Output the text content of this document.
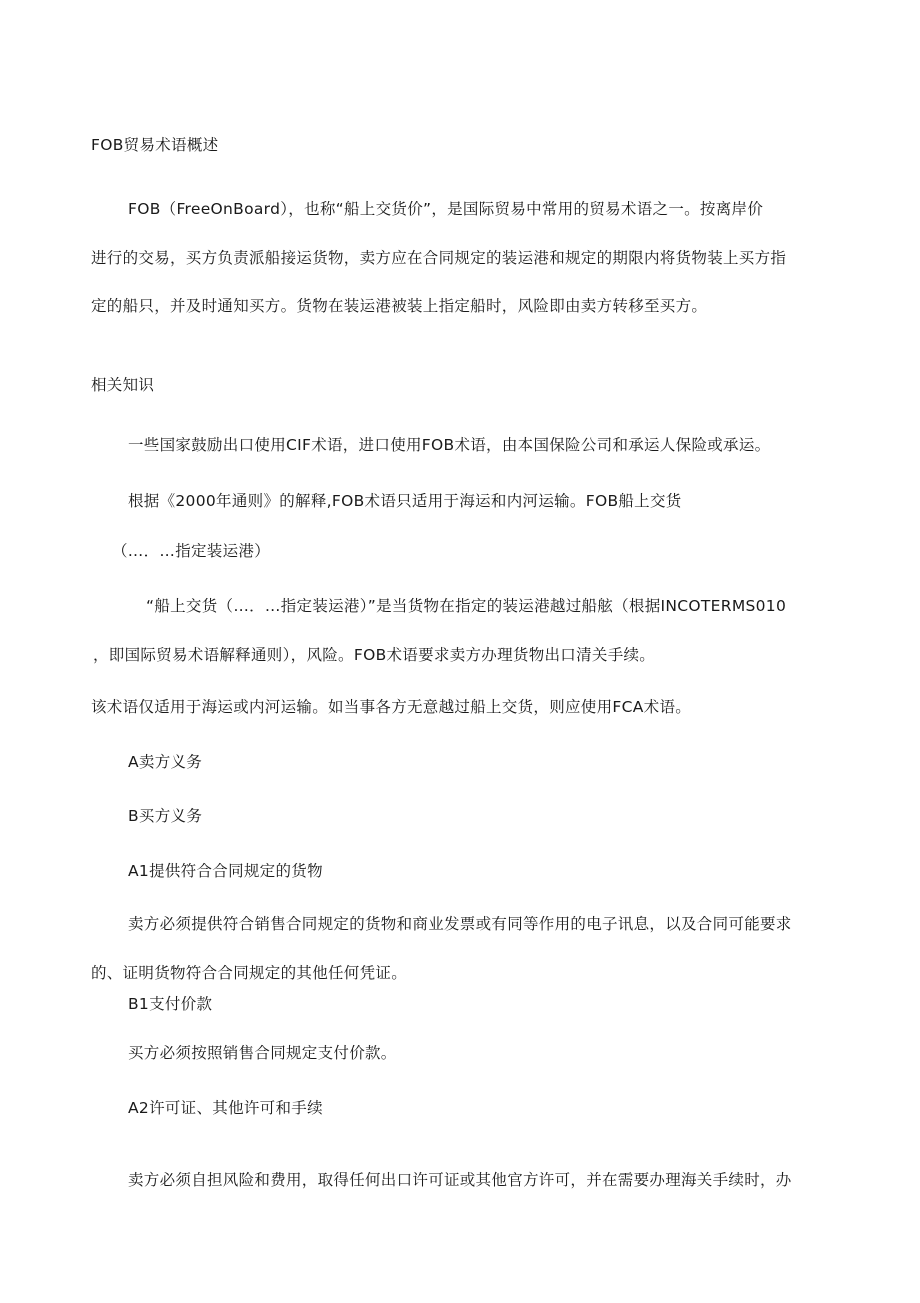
FOB贸易术语概述

FOB（FreeOnBoard），也称“船上交货价”，是国际贸易中常用的贸易术语之一。按离岸价

进行的交易，买方负责派船接运货物，卖方应在合同规定的装运港和规定的期限内将货物装上买方指

定的船只，并及时通知买方。货物在装运港被装上指定船时，风险即由卖方转移至买方。

相关知识

一些国家鼓励出口使用CIF术语，进口使用FOB术语，由本国保险公司和承运人保险或承运。

根据《2000年通则》的解释,FOB术语只适用于海运和内河运输。FOB船上交货

（…．…指定装运港）

“船上交货（…．…指定装运港）”是当货物在指定的装运港越过船舷（根据INCOTERMS010

，即国际贸易术语解释通则），风险。FOB术语要求卖方办理货物出口清关手续。

该术语仅适用于海运或内河运输。如当事各方无意越过船上交货，则应使用FCA术语。

A卖方义务

B买方义务

A1提供符合合同规定的货物

卖方必须提供符合销售合同规定的货物和商业发票或有同等作用的电子讯息，以及合同可能要求

的、证明货物符合合同规定的其他任何凭证。

B1支付价款

买方必须按照销售合同规定支付价款。

A2许可证、其他许可和手续

卖方必须自担风险和费用，取得任何出口许可证或其他官方许可，并在需要办理海关手续时，办
